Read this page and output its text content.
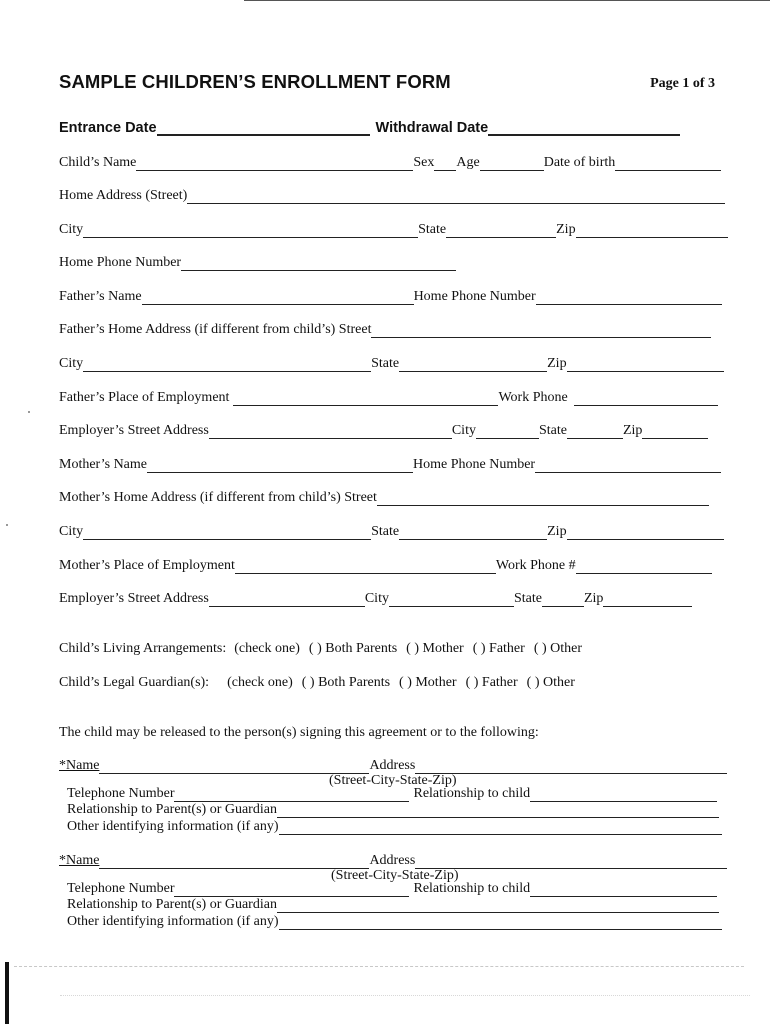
SAMPLE CHILDREN’S ENROLLMENT FORM	Page 1 of 3
Entrance Date	Withdrawal Date
Child’s Name	Sex Age	Date of birth
Home Address (Street)
City	State	Zip
Home Phone Number
Father’s Name	Home Phone Number
Father’s Home Address (if different from child’s) Street
City	State	Zip
Father’s Place of Employment	Work Phone
Employer’s Street Address	City	State	Zip
Mother’s Name	Home Phone Number
Mother’s Home Address (if different from child’s) Street
City	State	Zip
Mother’s Place of Employment	Work Phone #
Employer’s Street Address	City	State	Zip
Child’s Living Arrangements: (check one) ( ) Both Parents ( ) Mother ( ) Father ( ) Other
Child’s Legal Guardian(s): (check one) ( ) Both Parents ( ) Mother ( ) Father ( ) Other
The child may be released to the person(s) signing this agreement or to the following:
*Name	Address
(Street-City-State-Zip)
Telephone Number	Relationship to child
Relationship to Parent(s) or Guardian
Other identifying information (if any)
*Name	Address
(Street-City-State-Zip)
Telephone Number	Relationship to child
Relationship to Parent(s) or Guardian
Other identifying information (if any)
